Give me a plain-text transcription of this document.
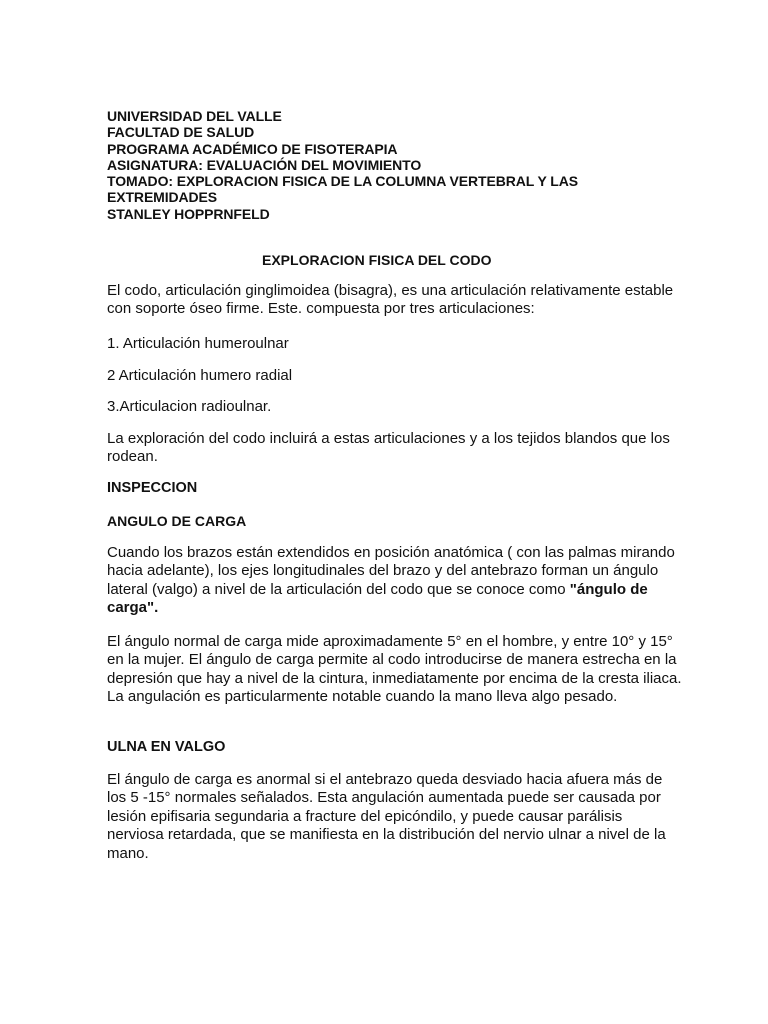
UNIVERSIDAD DEL VALLE
FACULTAD DE SALUD
PROGRAMA ACADÉMICO DE FISOTERAPIA
ASIGNATURA: EVALUACIÓN DEL MOVIMIENTO
TOMADO: EXPLORACION FISICA DE LA COLUMNA VERTEBRAL Y LAS EXTREMIDADES
STANLEY HOPPRNFELD
EXPLORACION FISICA DEL CODO
El codo, articulación ginglimoidea (bisagra), es una articulación relativamente estable con soporte óseo firme. Este. compuesta por tres articulaciones:
1. Articulación humeroulnar
2 Articulación humero radial
3.Articulacion radioulnar.
La exploración del codo incluirá a estas articulaciones y a los tejidos blandos que los rodean.
INSPECCION
ANGULO DE CARGA
Cuando los brazos están extendidos en posición anatómica ( con las palmas mirando hacia adelante), los ejes longitudinales del brazo y del antebrazo forman un ángulo lateral (valgo) a nivel de la articulación del codo que se conoce como "ángulo de carga".
El ángulo normal de carga mide aproximadamente 5° en el hombre, y entre 10° y 15° en la mujer. El ángulo de carga permite al codo introducirse de manera estrecha en la depresión que hay a nivel de la cintura, inmediatamente por encima de la cresta iliaca. La angulación es particularmente notable cuando la mano lleva algo pesado.
ULNA EN VALGO
El ángulo de carga es anormal si el antebrazo queda desviado hacia afuera más de los 5 -15° normales señalados. Esta angulación aumentada puede ser causada por lesión epifisaria segundaria a fracture del epicóndilo, y puede causar parálisis nerviosa retardada, que se manifiesta en la distribución del nervio ulnar a nivel de la mano.
